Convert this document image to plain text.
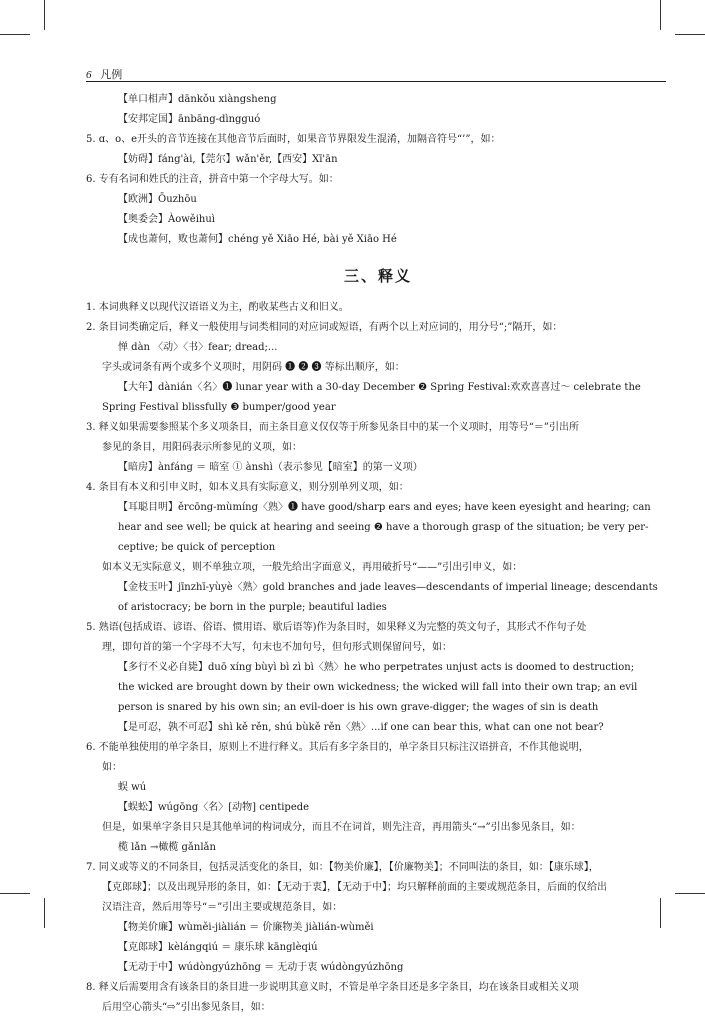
6 凡例
【单口相声】dānkǒu xiàngsheng
【安邦定国】ānbāng-dìngguó
5. ɑ、o、e开头的音节连接在其他音节后面时，如果音节界限发生混淆，加隔音符号“’”，如：
【妨碍】fáng'ài,【莞尔】wǎn'ěr,【西安】Xī'ān
6. 专有名词和姓氏的注音，拼音中第一个字母大写。如：
【欧洲】Ōuzhōu
【奥委会】Àowěihuì
【成也萧何，败也萧何】chéng yě Xiāo Hé, bài yě Xiāo Hé
三、释义
1. 本词典释义以现代汉语语义为主，酌收某些古义和旧义。
2. 条目词类确定后，释义一般使用与词类相同的对应词或短语，有两个以上对应词的，用分号“;”隔开，如：
惮 dàn 〈动〉〈书〉fear; dread;...
字头或词条有两个或多个义项时，用阴码 ❶ ❷ ❸ 等标出顺序，如：
【大年】dànián〈名〉❶ lunar year with a 30-day December ❷ Spring Festival:欢欢喜喜过～ celebrate the
Spring Festival blissfully ❸ bumper/good year
3. 释义如果需要参照某个多义项条目，而主条目意义仅仅等于所参见条目中的某一个义项时，用等号“＝”引出所
参见的条目，用阳码表示所参见的义项，如：
【暗房】ànfáng ＝ 暗室 ① ànshì（表示参见【暗室】的第一义项）
4. 条目有本义和引申义时，如本义具有实际意义，则分别单列义项，如：
【耳聪目明】ěrcōng-mùmíng〈熟〉❶ have good/sharp ears and eyes; have keen eyesight and hearing; can
hear and see well; be quick at hearing and seeing ❷ have a thorough grasp of the situation; be very per-
ceptive; be quick of perception
如本义无实际意义，则不单独立项，一般先给出字面意义，再用破折号“——”引出引申义，如：
【金枝玉叶】jīnzhī-yùyè〈熟〉gold branches and jade leaves—descendants of imperial lineage; descendants
of aristocracy; be born in the purple; beautiful ladies
5. 熟语(包括成语、谚语、俗语、惯用语、歇后语等)作为条目时，如果释义为完整的英文句子，其形式不作句子处
理，即句首的第一个字母不大写，句末也不加句号，但句形式则保留问号，如：
【多行不义必自毙】duō xíng bùyì bì zì bì〈熟〉he who perpetrates unjust acts is doomed to destruction;
the wicked are brought down by their own wickedness; the wicked will fall into their own trap; an evil
person is snared by his own sin; an evil-doer is his own grave-digger; the wages of sin is death
【是可忍，孰不可忍】shì kě rěn, shú bùkě rěn〈熟〉...if one can bear this, what can one not bear?
6. 不能单独使用的单字条目，原则上不进行释义。其后有多字条目的，单字条目只标注汉语拼音，不作其他说明，
如：
蜈 wú
【蜈蚣】wúgōng〈名〉[动物] centipede
但是，如果单字条目只是其他单词的构词成分，而且不在词首，则先注音，再用箭头“→”引出参见条目，如：
榄 lǎn →橄榄 gǎnlǎn
7. 同义或等义的不同条目，包括灵活变化的条目，如：【物美价廉】，【价廉物美】；不同叫法的条目，如：【康乐球】，
【克郎球】；以及出现异形的条目，如：【无动于衷】，【无动于中】；均只解释前面的主要或规范条目，后面的仅给出
汉语注音，然后用等号“＝”引出主要或规范条目，如：
【物美价廉】wùměi-jiàlián ＝ 价廉物美 jiàlián-wùměi
【克郎球】kèlángqiú ＝ 康乐球 kānglèqiú
【无动于中】wúdòngyúzhōng ＝ 无动于衷 wúdòngyúzhōng
8. 释义后需要用含有该条目的条目进一步说明其意义时，不管是单字条目还是多字条目，均在该条目或相关义项
后用空心箭头“⇨”引出参见条目，如：
